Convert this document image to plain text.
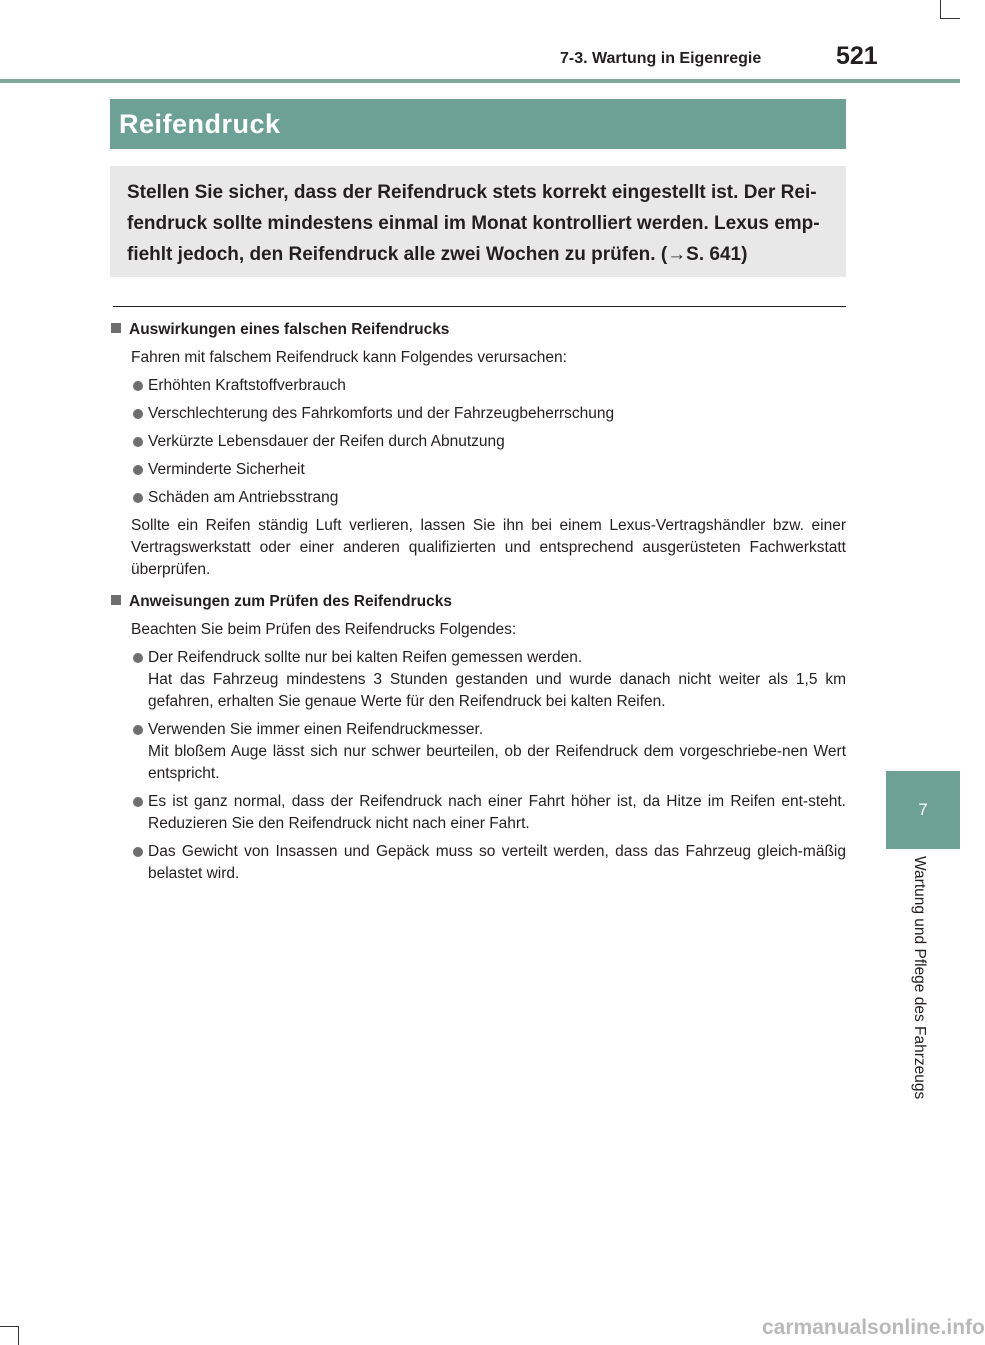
7-3. Wartung in Eigenregie	521
Reifendruck
Stellen Sie sicher, dass der Reifendruck stets korrekt eingestellt ist. Der Rei-fendruck sollte mindestens einmal im Monat kontrolliert werden. Lexus emp-fiehlt jedoch, den Reifendruck alle zwei Wochen zu prüfen. (→S. 641)
Auswirkungen eines falschen Reifendrucks
Fahren mit falschem Reifendruck kann Folgendes verursachen:
Erhöhten Kraftstoffverbrauch
Verschlechterung des Fahrkomforts und der Fahrzeugbeherrschung
Verkürzte Lebensdauer der Reifen durch Abnutzung
Verminderte Sicherheit
Schäden am Antriebsstrang
Sollte ein Reifen ständig Luft verlieren, lassen Sie ihn bei einem Lexus-Vertragshändler bzw. einer Vertragswerkstatt oder einer anderen qualifizierten und entsprechend ausgerüsteten Fachwerkstatt überprüfen.
Anweisungen zum Prüfen des Reifendrucks
Beachten Sie beim Prüfen des Reifendrucks Folgendes:
Der Reifendruck sollte nur bei kalten Reifen gemessen werden.
Hat das Fahrzeug mindestens 3 Stunden gestanden und wurde danach nicht weiter als 1,5 km gefahren, erhalten Sie genaue Werte für den Reifendruck bei kalten Reifen.
Verwenden Sie immer einen Reifendruckmesser.
Mit bloßem Auge lässt sich nur schwer beurteilen, ob der Reifendruck dem vorgeschriebe-nen Wert entspricht.
Es ist ganz normal, dass der Reifendruck nach einer Fahrt höher ist, da Hitze im Reifen ent-steht. Reduzieren Sie den Reifendruck nicht nach einer Fahrt.
Das Gewicht von Insassen und Gepäck muss so verteilt werden, dass das Fahrzeug gleich-mäßig belastet wird.
7
Wartung und Pflege des Fahrzeugs
carmanualsonline.info
